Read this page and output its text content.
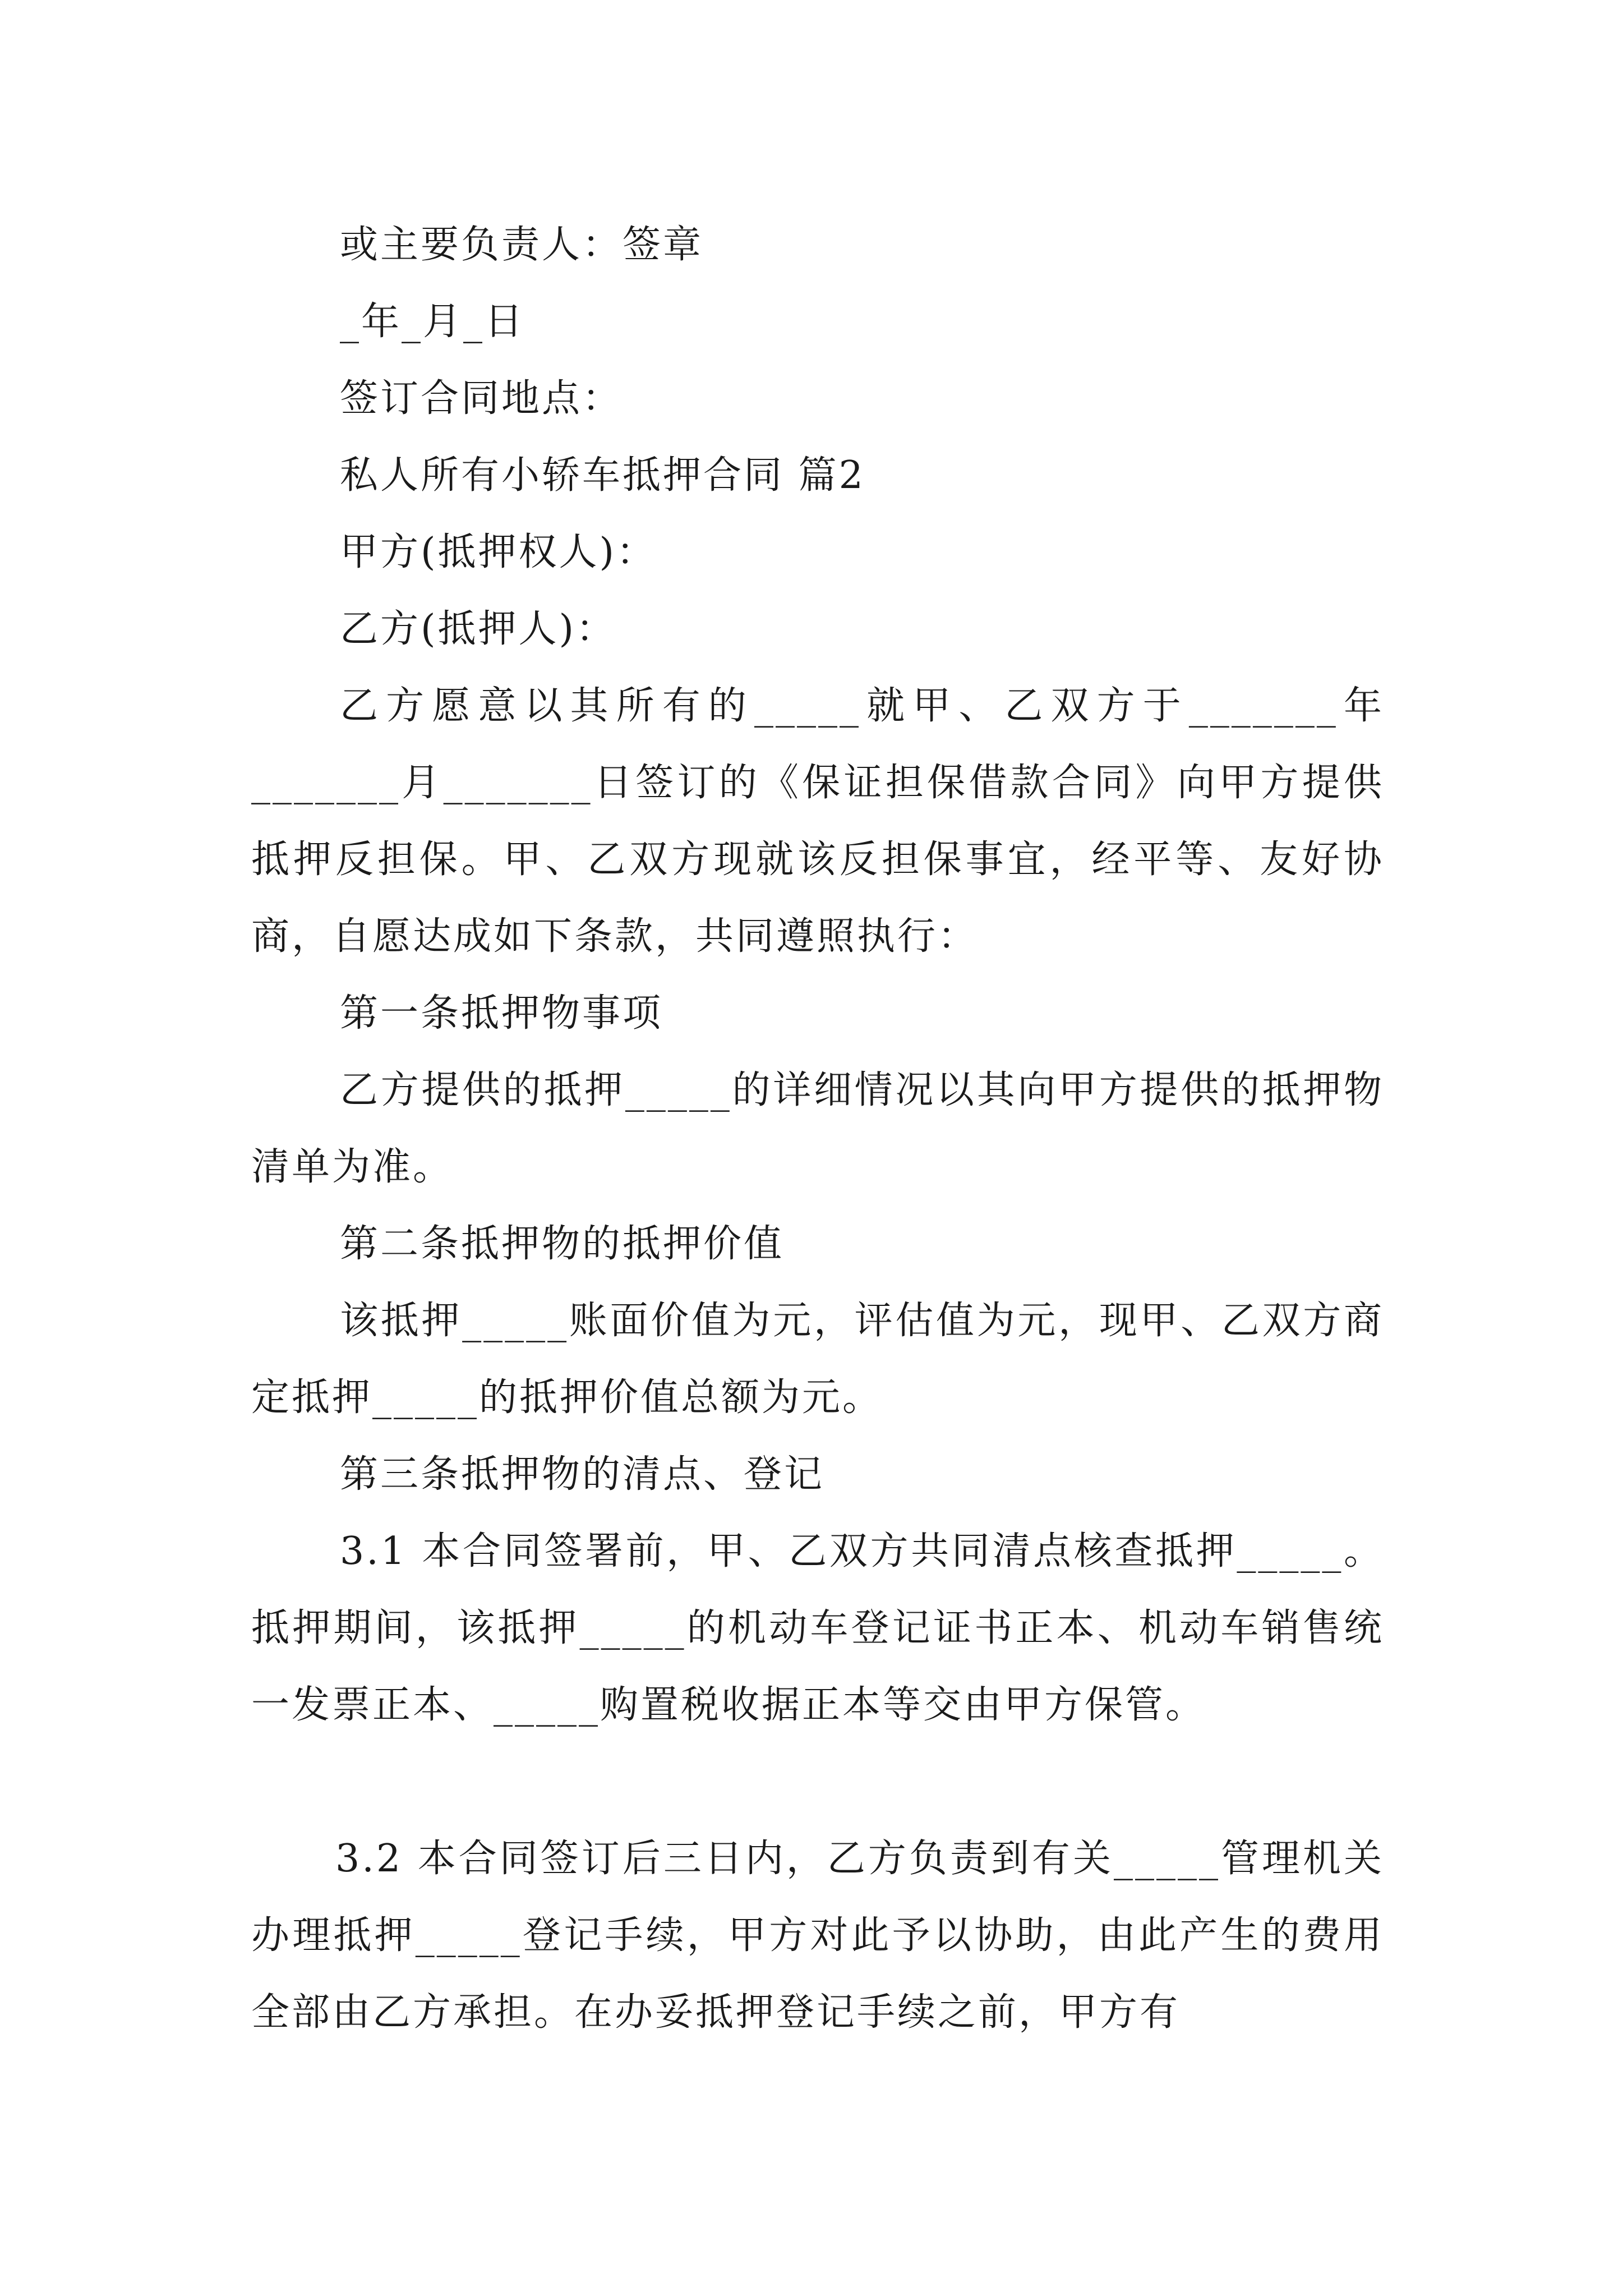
或主要负责人：签章

_年_月_日

签订合同地点：

私人所有小轿车抵押合同 篇2

甲方(抵押权人)：

乙方(抵押人)：

乙方愿意以其所有的_____就甲、乙双方于_______年_______月_______日签订的《保证担保借款合同》向甲方提供抵押反担保。甲、乙双方现就该反担保事宜，经平等、友好协商，自愿达成如下条款，共同遵照执行：

第一条抵押物事项

乙方提供的抵押_____的详细情况以其向甲方提供的抵押物清单为准。

第二条抵押物的抵押价值

该抵押_____账面价值为元，评估值为元，现甲、乙双方商定抵押_____的抵押价值总额为元。

第三条抵押物的清点、登记

3.1 本合同签署前，甲、乙双方共同清点核查抵押_____。抵押期间，该抵押_____的机动车登记证书正本、机动车销售统一发票正本、_____购置税收据正本等交由甲方保管。

3.2 本合同签订后三日内，乙方负责到有关_____管理机关办理抵押_____登记手续，甲方对此予以协助，由此产生的费用全部由乙方承担。在办妥抵押登记手续之前，甲方有
